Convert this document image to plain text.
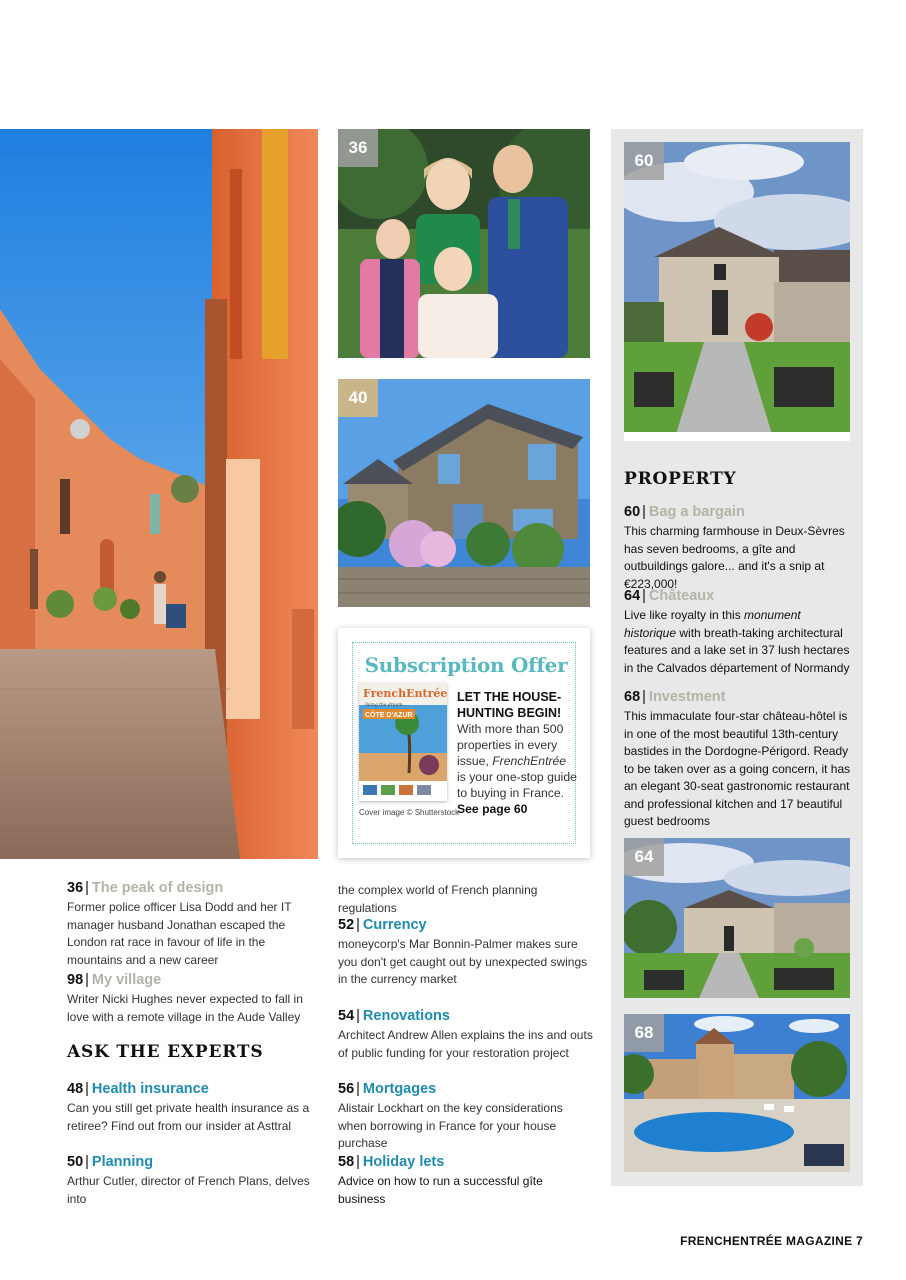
36
40
Subscription Offer
FrenchEntrée
living the dream...
CÔTE D'AZUR
LET THE HOUSE-HUNTING BEGIN!
With more than 500 properties in every issue, FrenchEntrée is your one-stop guide to buying in France.
See page 60
Cover image © Shutterstock
60
PROPERTY
60 | Bag a bargain
This charming farmhouse in Deux-Sèvres has seven bedrooms, a gîte and outbuildings galore... and it's a snip at €223,000!
64 | Châteaux
Live like royalty in this monument historique with breath-taking architectural features and a lake set in 37 lush hectares in the Calvados département of Normandy
68 | Investment
This immaculate four-star château-hôtel is in one of the most beautiful 13th-century bastides in the Dordogne-Périgord. Ready to be taken over as a going concern, it has an elegant 30-seat gastronomic restaurant and professional kitchen and 17 beautiful guest bedrooms
64
68
36 | The peak of design
Former police officer Lisa Dodd and her IT manager husband Jonathan escaped the London rat race in favour of life in the mountains and a new career
98 | My village
Writer Nicki Hughes never expected to fall in love with a remote village in the Aude Valley
ASK THE EXPERTS
48 | Health insurance
Can you still get private health insurance as a retiree? Find out from our insider at Asttral
50 | Planning
Arthur Cutler, director of French Plans, delves into
the complex world of French planning regulations
52 | Currency
moneycorp's Mar Bonnin-Palmer makes sure you don't get caught out by unexpected swings in the currency market
54 | Renovations
Architect Andrew Allen explains the ins and outs of public funding for your restoration project
56 | Mortgages
Alistair Lockhart on the key considerations when borrowing in France for your house purchase
58 | Holiday lets
Advice on how to run a successful gîte business
FRENCHENTRÉE MAGAZINE 7
